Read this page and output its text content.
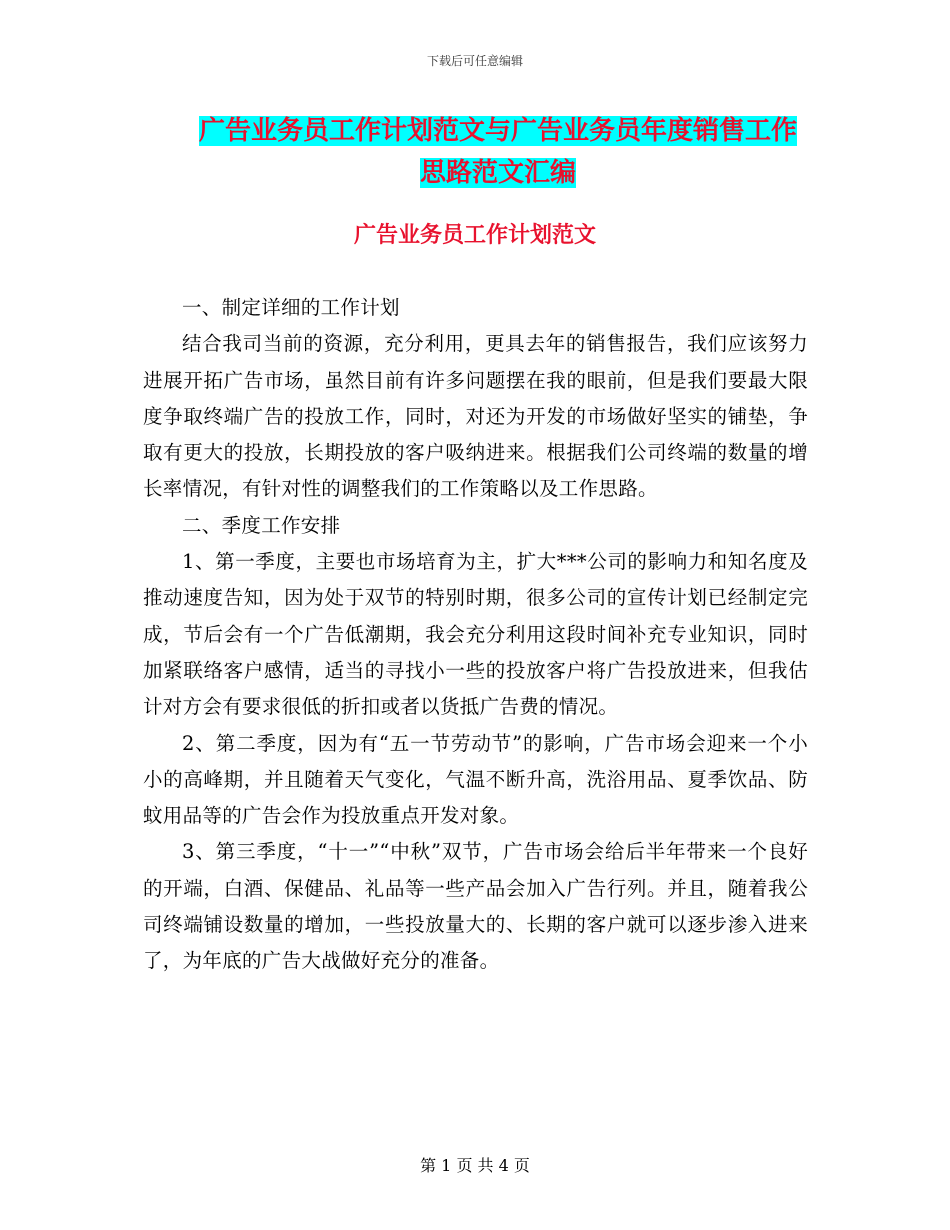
下载后可任意编辑
广告业务员工作计划范文与广告业务员年度销售工作
思路范文汇编
广告业务员工作计划范文

一、制定详细的工作计划

结合我司当前的资源，充分利用，更具去年的销售报告，我们应该努力进展开拓广告市场，虽然目前有许多问题摆在我的眼前，但是我们要最大限度争取终端广告的投放工作，同时，对还为开发的市场做好坚实的铺垫，争取有更大的投放，长期投放的客户吸纳进来。根据我们公司终端的数量的增长率情况，有针对性的调整我们的工作策略以及工作思路。

二、季度工作安排

1、第一季度，主要也市场培育为主，扩大***公司的影响力和知名度及推动速度告知，因为处于双节的特别时期，很多公司的宣传计划已经制定完成，节后会有一个广告低潮期，我会充分利用这段时间补充专业知识，同时加紧联络客户感情，适当的寻找小一些的投放客户将广告投放进来，但我估计对方会有要求很低的折扣或者以货抵广告费的情况。

2、第二季度，因为有“五一节劳动节”的影响，广告市场会迎来一个小小的高峰期，并且随着天气变化，气温不断升高，洗浴用品、夏季饮品、防蚊用品等的广告会作为投放重点开发对象。

3、第三季度，“十一”“中秋”双节，广告市场会给后半年带来一个良好的开端，白酒、保健品、礼品等一些产品会加入广告行列。并且，随着我公司终端铺设数量的增加，一些投放量大的、长期的客户就可以逐步渗入进来了，为年底的广告大战做好充分的准备。

第 1 页 共 4 页
